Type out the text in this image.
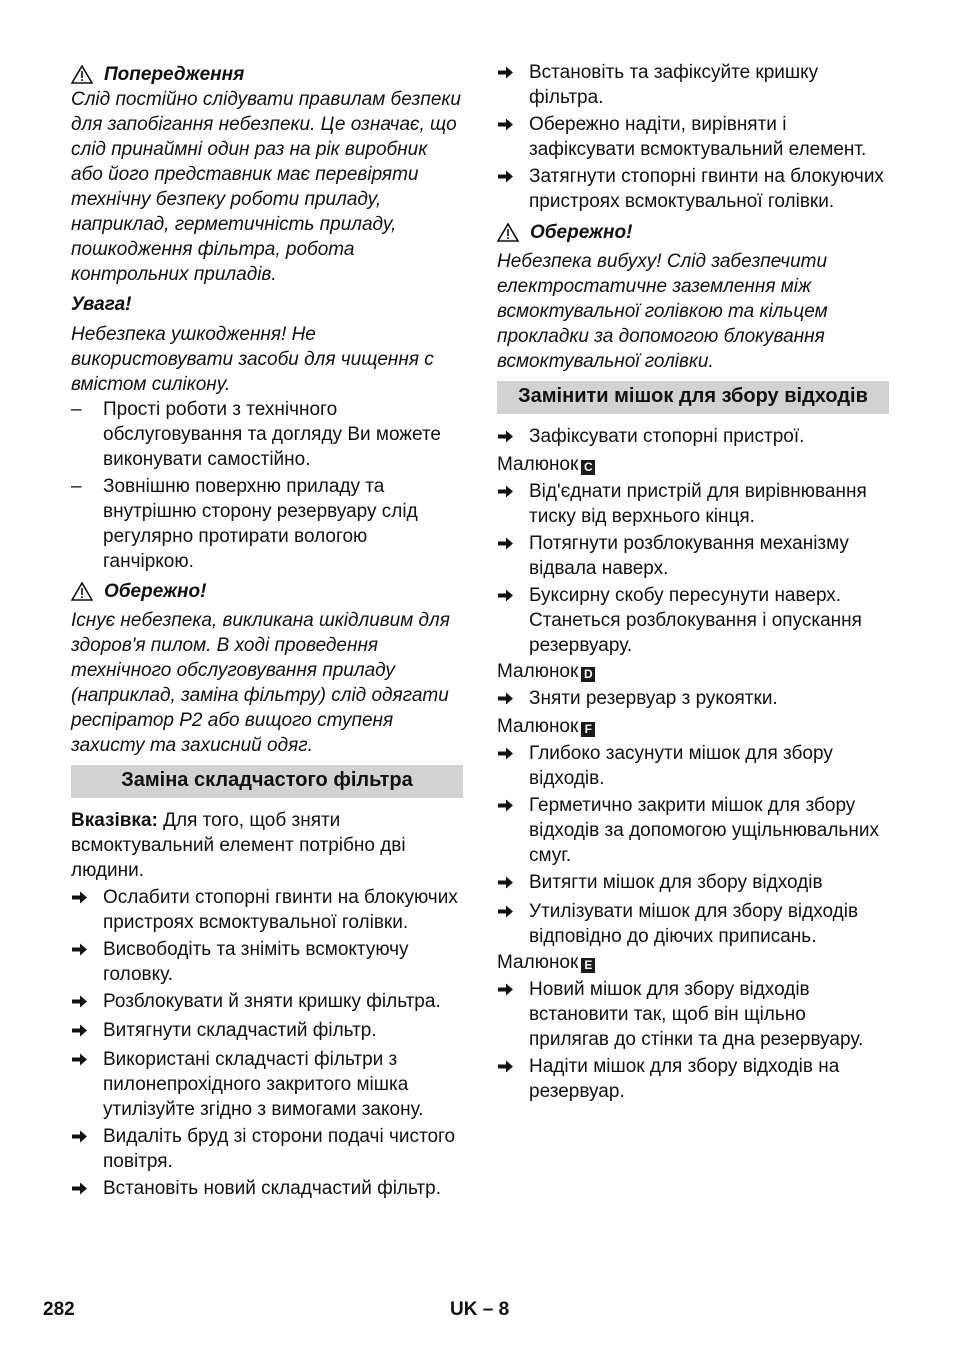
Попередження

Слід постійно слідувати правилам безпеки для запобігання небезпеки. Це означає, що слід принаймні один раз на рік виробник або його представник має перевіряти технічну безпеку роботи приладу, наприклад, герметичність приладу, пошкодження фільтра, робота контрольних приладів.

Увага!

Небезпека ушкодження! Не використовувати засоби для чищення с вмістом силікону.

–	Прості роботи з технічного обслуговування та догляду Ви можете виконувати самостійно.
–	Зовнішню поверхню приладу та внутрішню сторону резервуару слід регулярно протирати вологою ганчіркою.
Обережно!

Існує небезпека, викликана шкідливим для здоров'я пилом. В ході проведення технічного обслуговування приладу (наприклад, заміна фільтру) слід одягати респіратор P2 або вищого ступеня захисту та захисний одяг.

Заміна складчастого фільтра

Вказівка: Для того, щоб зняти всмоктувальний елемент потрібно дві людини.

Ослабити стопорні гвинти на блокуючих пристроях всмоктувальної голівки.
Висвободіть та зніміть всмоктуючу головку.
Розблокувати й зняти кришку фільтра.
Витягнути складчастий фільтр.
Використані складчасті фільтри з пилонепрохідного закритого мішка утилізуйте згідно з вимогами закону.
Видаліть бруд зі сторони подачі чистого повітря.
Встановіть новий складчастий фільтр.
Встановіть та зафіксуйте кришку фільтра.
Обережно надіти, вирівняти і зафіксувати всмоктувальний елемент.
Затягнути стопорні гвинти на блокуючих пристроях всмоктувальної голівки.
Обережно!

Небезпека вибуху! Слід забезпечити електростатичне заземлення між всмоктувальної голівкою та кільцем прокладки за допомогою блокування всмоктувальної голівки.

Замінити мішок для збору відходів
Зафіксувати стопорні пристрої.
Малюнок C
Від'єднати пристрій для вирівнювання тиску від верхнього кінця.
Потягнути розблокування механізму відвала наверх.
Буксирну скобу пересунути наверх. Станеться розблокування і опускання резервуару.
Малюнок D
Зняти резервуар з рукоятки.
Малюнок F
Глибоко засунути мішок для збору відходів.
Герметично закрити мішок для збору відходів за допомогою ущільнювальних смуг.
Витягти мішок для збору відходів
Утилізувати мішок для збору відходів відповідно до діючих приписань.
Малюнок E
Новий мішок для збору відходів встановити так, щоб він щільно прилягав до стінки та дна резервуару.
Надіти мішок для збору відходів на резервуар.
282	UK – 8
